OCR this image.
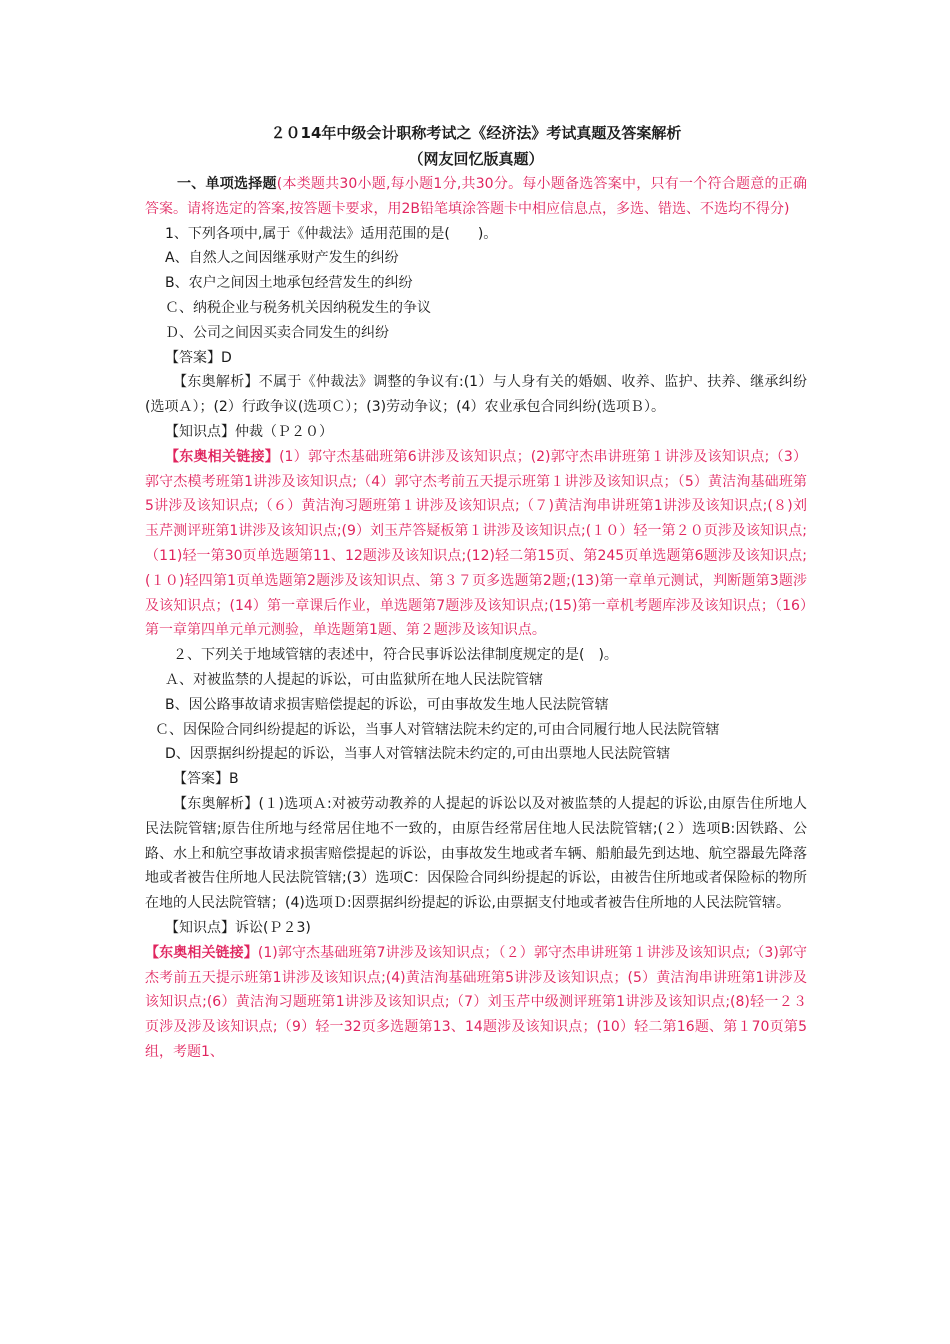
２０14年中级会计职称考试之《经济法》考试真题及答案解析
（网友回忆版真题）

一、单项选择题(本类题共30小题,每小题1分,共30分。每小题备选答案中，只有一个符合题意的正确答案。请将选定的答案,按答题卡要求，用2B铅笔填涂答题卡中相应信息点，多选、错选、不选均不得分)

1、下列各项中,属于《仲裁法》适用范围的是(　　)。

A、自然人之间因继承财产发生的纠纷

B、农户之间因土地承包经营发生的纠纷

Ｃ、纳税企业与税务机关因纳税发生的争议

Ｄ、公司之间因买卖合同发生的纠纷

【答案】D

【东奥解析】不属于《仲裁法》调整的争议有:(1）与人身有关的婚姻、收养、监护、扶养、继承纠纷(选项Ａ）；(2）行政争议(选项Ｃ）；(3)劳动争议；(4）农业承包合同纠纷(选项Ｂ）。

【知识点】仲裁（Ｐ２０）

【东奥相关链接】(1）郭守杰基础班第6讲涉及该知识点；(2)郭守杰串讲班第１讲涉及该知识点;（3）郭守杰模考班第1讲涉及该知识点;（4）郭守杰考前五天提示班第１讲涉及该知识点；（5）黄洁洵基础班第5讲涉及该知识点;（６）黄洁洵习题班第１讲涉及该知识点;（７)黄洁洵串讲班第1讲涉及该知识点;(８)刘玉芹测评班第1讲涉及该知识点;(9）刘玉芹答疑板第１讲涉及该知识点;(１０）轻一第２０页涉及该知识点;（11)轻一第30页单选题第11、12题涉及该知识点;(12)轻二第15页、第245页单选题第6题涉及该知识点;(１０)轻四第1页单选题第2题涉及该知识点、第３７页多选题第2题;(13)第一章单元测试，判断题第3题涉及该知识点；(14）第一章课后作业，单选题第7题涉及该知识点;(15)第一章机考题库涉及该知识点；（16）第一章第四单元单元测验，单选题第1题、第２题涉及该知识点。

２、下列关于地域管辖的表述中，符合民事诉讼法律制度规定的是(　)。

Ａ、对被监禁的人提起的诉讼，可由监狱所在地人民法院管辖

B、因公路事故请求损害赔偿提起的诉讼，可由事故发生地人民法院管辖

Ｃ、因保险合同纠纷提起的诉讼，当事人对管辖法院未约定的,可由合同履行地人民法院管辖

D、因票据纠纷提起的诉讼，当事人对管辖法院未约定的,可由出票地人民法院管辖

【答案】B

【东奥解析】(１)选项Ａ:对被劳动教养的人提起的诉讼以及对被监禁的人提起的诉讼,由原告住所地人民法院管辖;原告住所地与经常居住地不一致的，由原告经常居住地人民法院管辖;(２）选项B:因铁路、公路、水上和航空事故请求损害赔偿提起的诉讼，由事故发生地或者车辆、船舶最先到达地、航空器最先降落地或者被告住所地人民法院管辖;(3）选项C：因保险合同纠纷提起的诉讼，由被告住所地或者保险标的物所在地的人民法院管辖；(4)选项Ｄ:因票据纠纷提起的诉讼,由票据支付地或者被告住所地的人民法院管辖。

【知识点】诉讼(Ｐ２3)

【东奥相关链接】(1)郭守杰基础班第7讲涉及该知识点；（２）郭守杰串讲班第１讲涉及该知识点;（3)郭守杰考前五天提示班第1讲涉及该知识点;(4)黄洁洵基础班第5讲涉及该知识点；(5）黄洁洵串讲班第1讲涉及该知识点;(6）黄洁洵习题班第1讲涉及该知识点;（7）刘玉芹中级测评班第1讲涉及该知识点;(8)轻一２３页涉及涉及该知识点;（9）轻一32页多选题第13、14题涉及该知识点；(10）轻二第16题、第１70页第5组，考题1、
